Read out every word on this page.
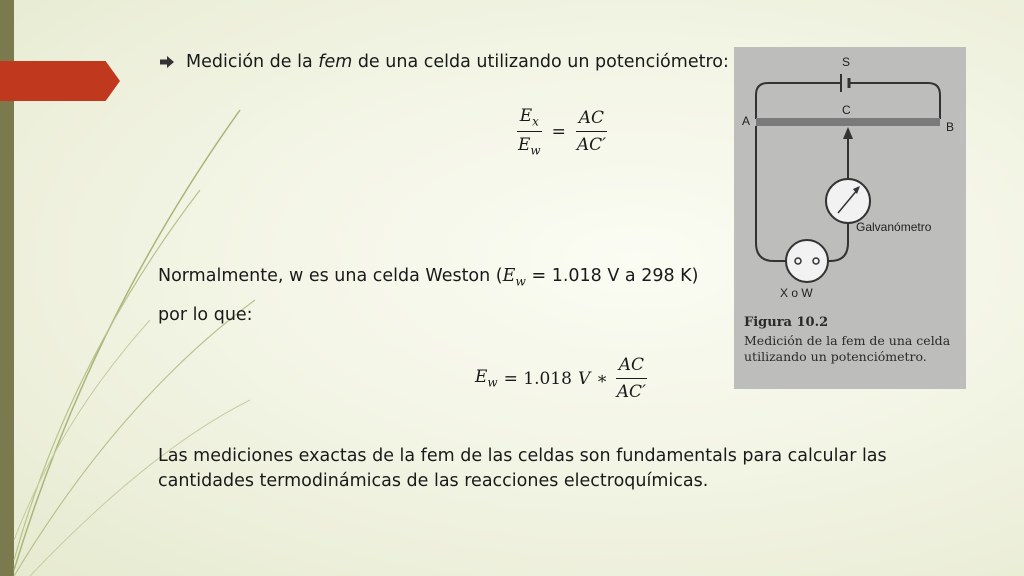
Medición de la fem de una celda utilizando un potenciómetro:
$\frac{E_x}{E_w} = \frac{AC}{AC'}$
Normalmente, w es una celda Weston ($E_w = 1.018$ V a 298 K)
por lo que:
$E_w = 1.018$ V ∗ $\frac{AC}{AC'}$
Las mediciones exactas de la fem de las celdas son fundamentals para calcular las cantidades termodinámicas de las reacciones electroquímicas.
S
C
A	B
Galvanómetro
X o W
Figura 10.2
Medición de la fem de una celda utilizando un potenciómetro.
